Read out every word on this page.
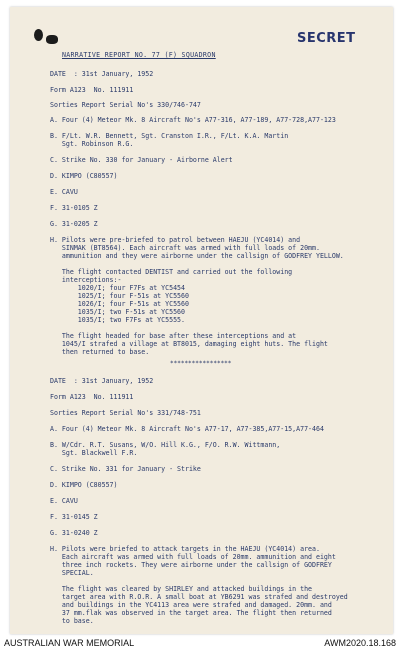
SECRET
NARRATIVE REPORT NO. 77 (F) SQUADRON
DATE  : 31st January, 1952
Form A123  No. 111911
Sorties Report Serial No's 330/746-747
A. Four (4) Meteor Mk. 8 Aircraft No's A77-316, A77-189, A77-728,A77-123
B. F/Lt. W.R. Bennett, Sgt. Cranston I.R., F/Lt. K.A. Martin
Sgt. Robinson R.G.
C. Strike No. 330 for January - Airborne Alert
D. KIMPO (C80557)
E. CAVU
F. 31-0105 Z
G. 31-0205 Z
H. Pilots were pre-briefed to patrol between HAEJU (YC4014) and
SINMAK (BT8564). Each aircraft was armed with full loads of 20mm.
ammunition and they were airborne under the callsign of GODFREY YELLOW.
The flight contacted DENTIST and carried out the following
interceptions:-
1020/I; four F7Fs at YC5454
1025/I; four F-51s at YC5560
1026/I; four F-51s at YC5560
1035/I; two F-51s at YC5560
1035/I; two F7Fs at YC5555.
The flight headed for base after these interceptions and at
1045/I strafed a village at BT8015, damaging eight huts. The flight
then returned to base.
*****************
DATE  : 31st January, 1952
Form A123  No. 111911
Sorties Report Serial No's 331/748-751
A. Four (4) Meteor Mk. 8 Aircraft No's A77-17, A77-385,A77-15,A77-464
B. W/Cdr. R.T. Susans, W/O. Hill K.G., F/O. R.W. Wittmann,
Sgt. Blackwell F.R.
C. Strike No. 331 for January - Strike
D. KIMPO (C80557)
E. CAVU
F. 31-0145 Z
G. 31-0240 Z
H. Pilots were briefed to attack targets in the HAEJU (YC4014) area.
Each aircraft was armed with full loads of 20mm. ammunition and eight
three inch rockets. They were airborne under the callsign of GODFREY
SPECIAL.
The flight was cleared by SHIRLEY and attacked buildings in the
target area with R.O.R. A small boat at YB6291 was strafed and destroyed
and buildings in the YC4113 area were strafed and damaged. 20mm. and
37 mm.flak was observed in the target area. The flight then returned
to base.
AUSTRALIAN WAR MEMORIAL	AWM2020.18.168
